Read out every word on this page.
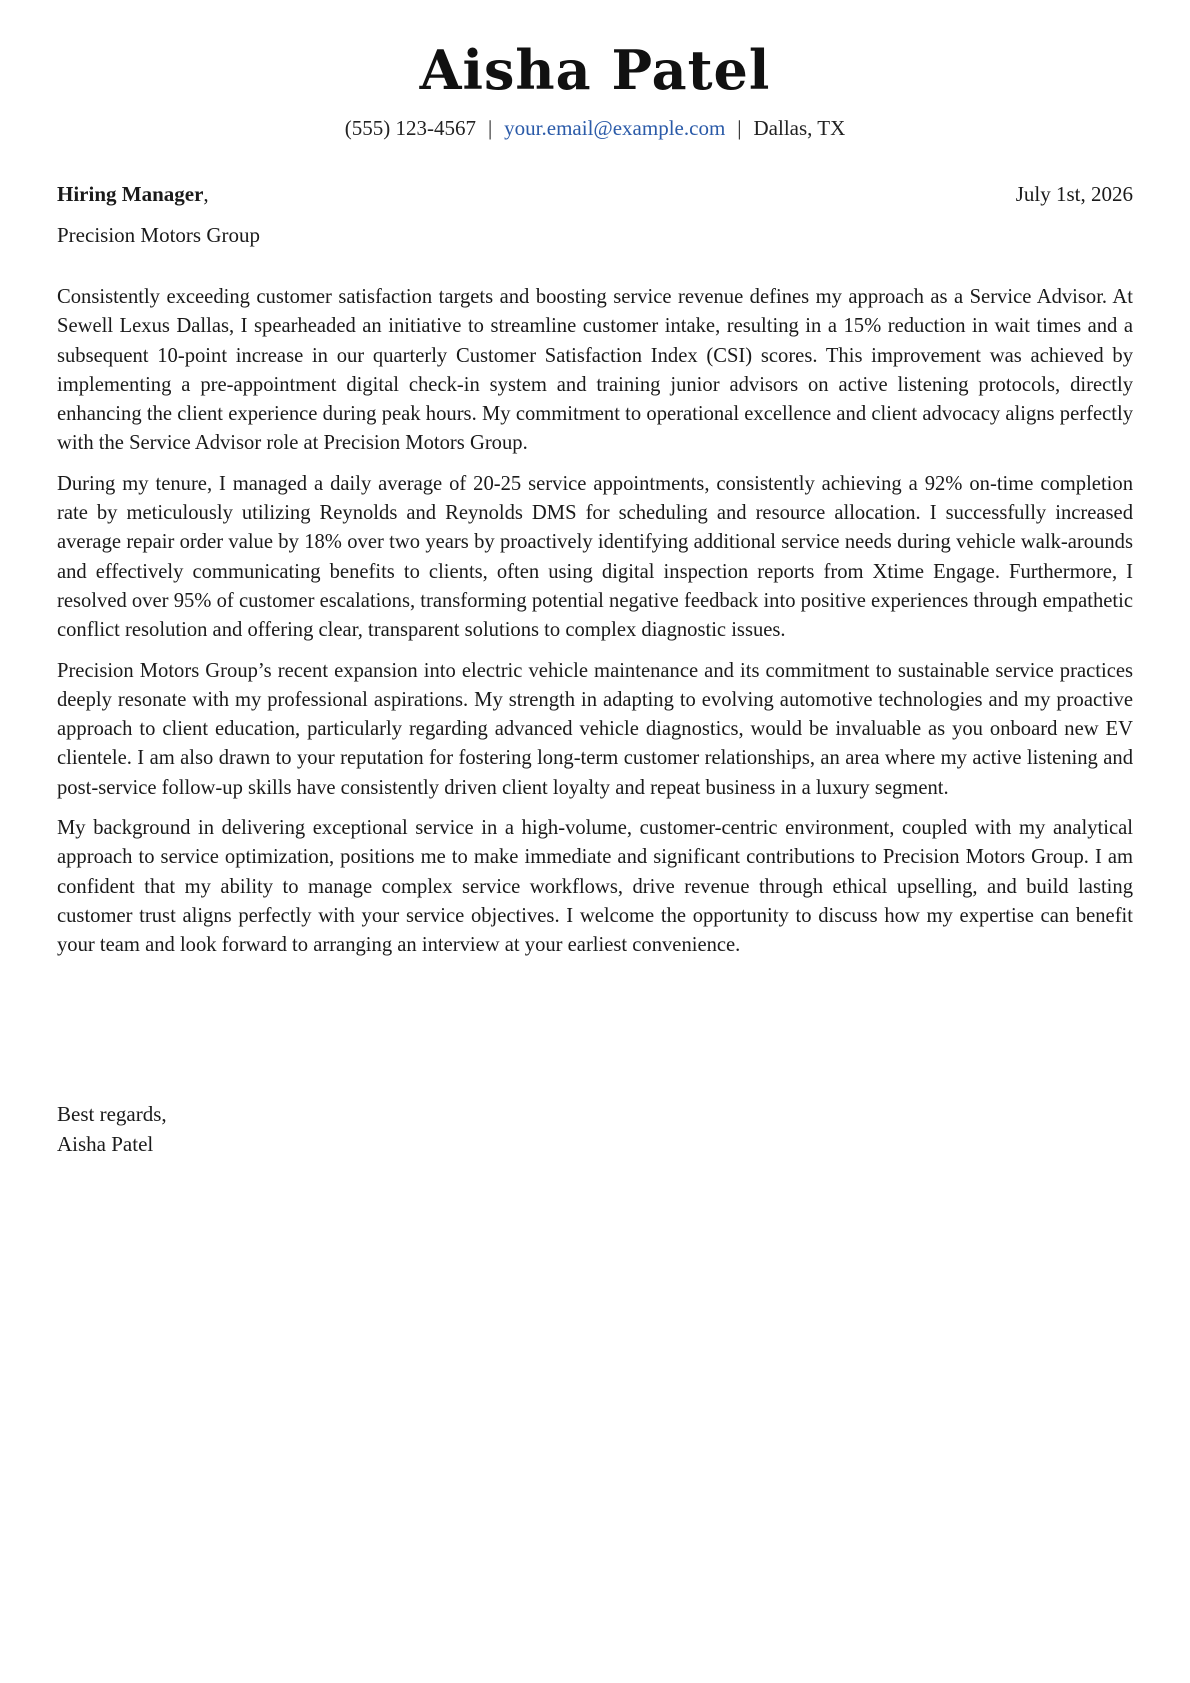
Aisha Patel
(555) 123-4567 | your.email@example.com | Dallas, TX
Hiring Manager,	July 1st, 2026
Precision Motors Group

Consistently exceeding customer satisfaction targets and boosting service revenue defines my approach as a Service Advisor. At Sewell Lexus Dallas, I spearheaded an initiative to streamline customer intake, resulting in a 15% reduction in wait times and a subsequent 10-point increase in our quarterly Customer Satisfaction Index (CSI) scores. This improvement was achieved by implementing a pre-appointment digital check-in system and training junior advisors on active listening protocols, directly enhancing the client experience during peak hours. My commitment to operational excellence and client advocacy aligns perfectly with the Service Advisor role at Precision Motors Group.

During my tenure, I managed a daily average of 20-25 service appointments, consistently achieving a 92% on-time completion rate by meticulously utilizing Reynolds and Reynolds DMS for scheduling and resource allocation. I successfully increased average repair order value by 18% over two years by proactively identifying additional service needs during vehicle walk-arounds and effectively communicating benefits to clients, often using digital inspection reports from Xtime Engage. Furthermore, I resolved over 95% of customer escalations, transforming potential negative feedback into positive experiences through empathetic conflict resolution and offering clear, transparent solutions to complex diagnostic issues.

Precision Motors Group’s recent expansion into electric vehicle maintenance and its commitment to sustainable service practices deeply resonate with my professional aspirations. My strength in adapting to evolving automotive technologies and my proactive approach to client education, particularly regarding advanced vehicle diagnostics, would be invaluable as you onboard new EV clientele. I am also drawn to your reputation for fostering long-term customer relationships, an area where my active listening and post-service follow-up skills have consistently driven client loyalty and repeat business in a luxury segment.

My background in delivering exceptional service in a high-volume, customer-centric environment, coupled with my analytical approach to service optimization, positions me to make immediate and significant contributions to Precision Motors Group. I am confident that my ability to manage complex service workflows, drive revenue through ethical upselling, and build lasting customer trust aligns perfectly with your service objectives. I welcome the opportunity to discuss how my expertise can benefit your team and look forward to arranging an interview at your earliest convenience.

Best regards,
Aisha Patel
